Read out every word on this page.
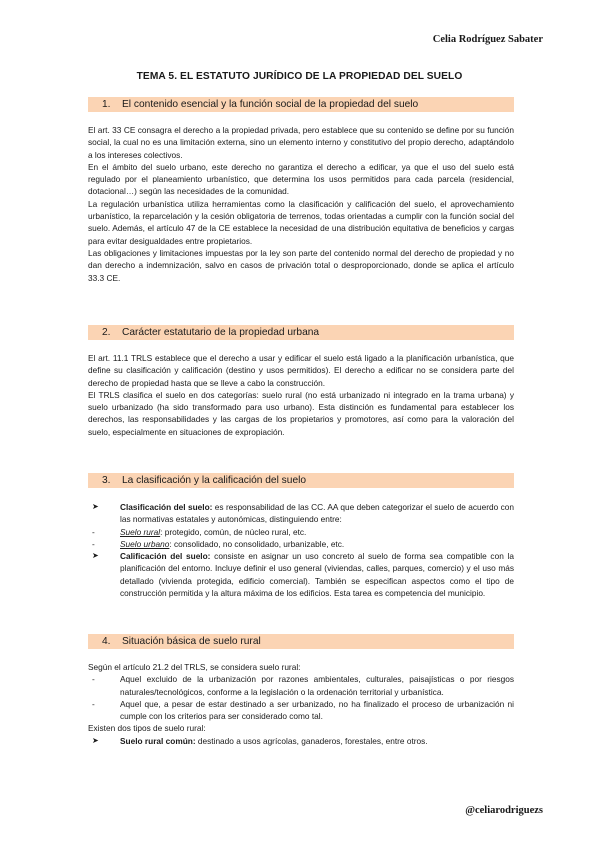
Celia Rodríguez Sabater
TEMA 5. EL ESTATUTO JURÍDICO DE LA PROPIEDAD DEL SUELO
1. El contenido esencial y la función social de la propiedad del suelo

El art. 33 CE consagra el derecho a la propiedad privada, pero establece que su contenido se define por su función social, la cual no es una limitación externa, sino un elemento interno y constitutivo del propio derecho, adaptándolo a los intereses colectivos.

En el ámbito del suelo urbano, este derecho no garantiza el derecho a edificar, ya que el uso del suelo está regulado por el planeamiento urbanístico, que determina los usos permitidos para cada parcela (residencial, dotacional…) según las necesidades de la comunidad.

La regulación urbanística utiliza herramientas como la clasificación y calificación del suelo, el aprovechamiento urbanístico, la reparcelación y la cesión obligatoria de terrenos, todas orientadas a cumplir con la función social del suelo. Además, el artículo 47 de la CE establece la necesidad de una distribución equitativa de beneficios y cargas para evitar desigualdades entre propietarios.

Las obligaciones y limitaciones impuestas por la ley son parte del contenido normal del derecho de propiedad y no dan derecho a indemnización, salvo en casos de privación total o desproporcionado, donde se aplica el artículo 33.3 CE.

2. Carácter estatutario de la propiedad urbana

El art. 11.1 TRLS establece que el derecho a usar y edificar el suelo está ligado a la planificación urbanística, que define su clasificación y calificación (destino y usos permitidos). El derecho a edificar no se considera parte del derecho de propiedad hasta que se lleve a cabo la construcción.

El TRLS clasifica el suelo en dos categorías: suelo rural (no está urbanizado ni integrado en la trama urbana) y suelo urbanizado (ha sido transformado para uso urbano). Esta distinción es fundamental para establecer los derechos, las responsabilidades y las cargas de los propietarios y promotores, así como para la valoración del suelo, especialmente en situaciones de expropiación.

3. La clasificación y la calificación del suelo
➤	Clasificación del suelo: es responsabilidad de las CC. AA que deben categorizar el suelo de acuerdo con las normativas estatales y autonómicas, distinguiendo entre:
-	Suelo rural: protegido, común, de núcleo rural, etc.
-	Suelo urbano: consolidado, no consolidado, urbanizable, etc.
➤	Calificación del suelo: consiste en asignar un uso concreto al suelo de forma sea compatible con la planificación del entorno. Incluye definir el uso general (viviendas, calles, parques, comercio) y el uso más detallado (vivienda protegida, edificio comercial). También se especifican aspectos como el tipo de construcción permitida y la altura máxima de los edificios. Esta tarea es competencia del municipio.
4. Situación básica de suelo rural

Según el artículo 21.2 del TRLS, se considera suelo rural:

-	Aquel excluido de la urbanización por razones ambientales, culturales, paisajísticas o por riesgos naturales/tecnológicos, conforme a la legislación o la ordenación territorial y urbanística.
-	Aquel que, a pesar de estar destinado a ser urbanizado, no ha finalizado el proceso de urbanización ni cumple con los criterios para ser considerado como tal.

Existen dos tipos de suelo rural:

➤	Suelo rural común: destinado a usos agrícolas, ganaderos, forestales, entre otros.
@celiarodriguezs
